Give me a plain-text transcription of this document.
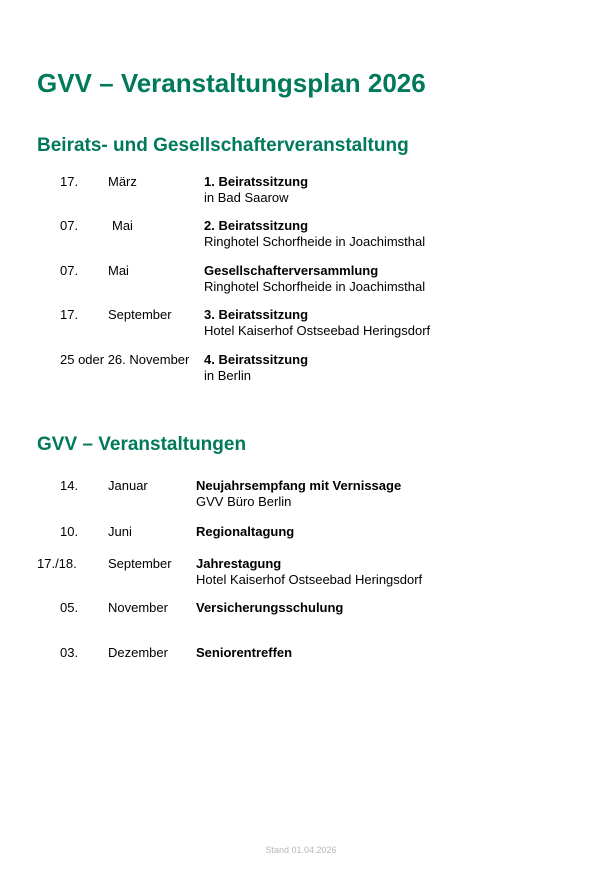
GVV – Veranstaltungsplan 2026
Beirats- und Gesellschafterveranstaltung
17. März	1. Beiratssitzung
in Bad Saarow
07.	Mai	2. Beiratssitzung
Ringhotel Schorfheide in Joachimsthal
07. Mai	Gesellschafterversammlung
Ringhotel Schorfheide in Joachimsthal
17. September 3. Beiratssitzung
Hotel Kaiserhof Ostseebad Heringsdorf
25 oder 26. November 4. Beiratssitzung
in Berlin
GVV – Veranstaltungen
14. Januar	Neujahrsempfang mit Vernissage
GVV Büro Berlin
10. Juni	Regionaltagung
17./18. September Jahrestagung
Hotel Kaiserhof Ostseebad Heringsdorf
05. November Versicherungsschulung
03. Dezember Seniorentreffen
Stand 01.04.2026
